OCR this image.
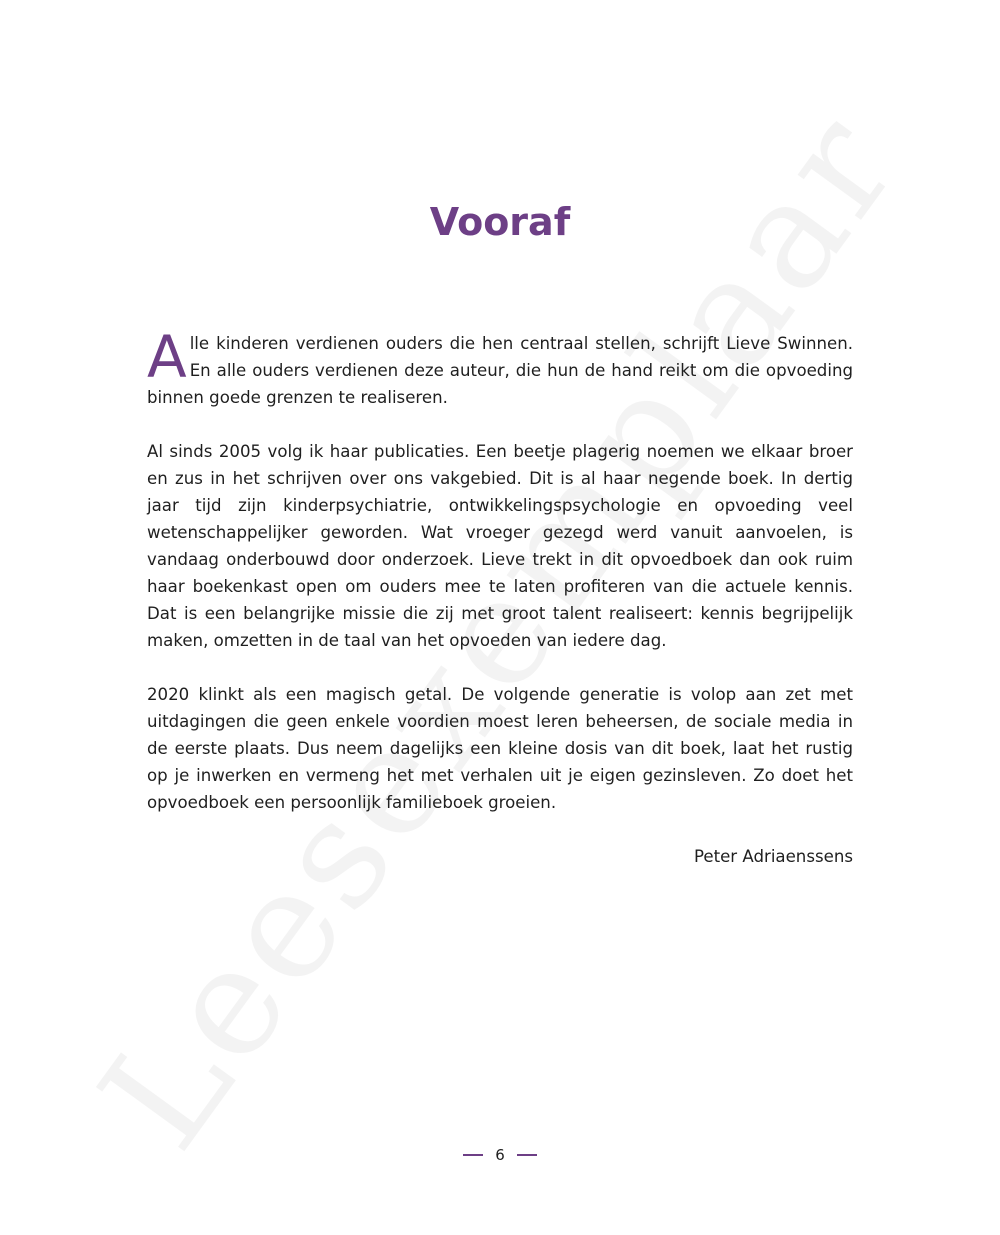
Vooraf

Alle kinderen verdienen ouders die hen centraal stellen, schrijft Lieve Swinnen. En alle ouders verdienen deze auteur, die hun de hand reikt om die opvoeding binnen goede grenzen te realiseren.

Al sinds 2005 volg ik haar publicaties. Een beetje plagerig noemen we elkaar broer en zus in het schrijven over ons vakgebied. Dit is al haar negende boek. In dertig jaar tijd zijn kinderpsychiatrie, ontwikkelingspsychologie en opvoeding veel wetenschappelijker geworden. Wat vroeger gezegd werd vanuit aanvoelen, is vandaag onderbouwd door onderzoek. Lieve trekt in dit opvoedboek dan ook ruim haar boekenkast open om ouders mee te laten profiteren van die actuele kennis. Dat is een belangrijke missie die zij met groot talent realiseert: kennis begrijpelijk maken, omzetten in de taal van het opvoeden van iedere dag.

2020 klinkt als een magisch getal. De volgende generatie is volop aan zet met uitdagingen die geen enkele voordien moest leren beheersen, de sociale media in de eerste plaats. Dus neem dagelijks een kleine dosis van dit boek, laat het rustig op je inwerken en vermeng het met verhalen uit je eigen gezinsleven. Zo doet het opvoedboek een persoonlijk familieboek groeien.

Peter Adriaenssens

6
